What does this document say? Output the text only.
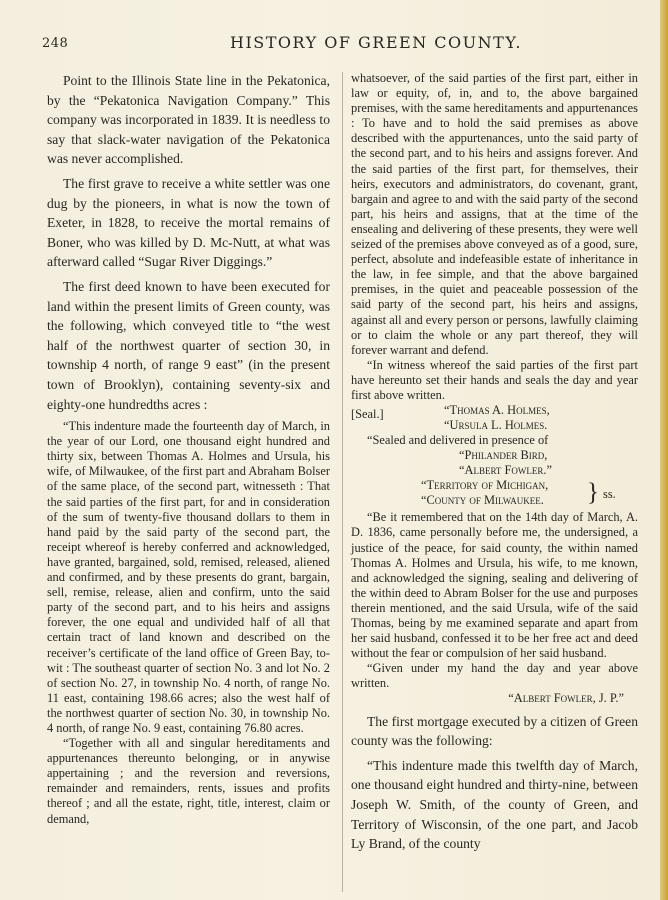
248	HISTORY OF GREEN COUNTY.

Point to the Illinois State line in the Pekatonica, by the “Pekatonica Navigation Company.” This company was incorporated in 1839. It is needless to say that slack-water navigation of the Pekatonica was never accomplished.

The first grave to receive a white settler was one dug by the pioneers, in what is now the town of Exeter, in 1828, to receive the mortal remains of Boner, who was killed by D. Mc-Nutt, at what was afterward called “Sugar River Diggings.”

The first deed known to have been executed for land within the present limits of Green county, was the following, which conveyed title to “the west half of the northwest quarter of section 30, in township 4 north, of range 9 east” (in the present town of Brooklyn), containing seventy-six and eighty-one hundredths acres :

“This indenture made the fourteenth day of March, in the year of our Lord, one thousand eight hundred and thirty six, between Thomas A. Holmes and Ursula, his wife, of Milwaukee, of the first part and Abraham Bolser of the same place, of the second part, witnesseth : That the said parties of the first part, for and in consideration of the sum of twenty-five thousand dollars to them in hand paid by the said party of the second part, the receipt whereof is hereby conferred and acknowledged, have granted, bargained, sold, remised, released, aliened and confirmed, and by these presents do grant, bargain, sell, remise, release, alien and confirm, unto the said party of the second part, and to his heirs and assigns forever, the one equal and undivided half of all that certain tract of land known and described on the receiver’s certificate of the land office of Green Bay, to-wit : The southeast quarter of section No. 3 and lot No. 2 of section No. 27, in township No. 4 north, of range No. 11 east, containing 198.66 acres; also the west half of the northwest quarter of section No. 30, in township No. 4 north, of range No. 9 east, containing 76.80 acres.

“Together with all and singular hereditaments and appurtenances thereunto belonging, or in anywise appertaining ; and the reversion and reversions, remainder and remainders, rents, issues and profits thereof ; and all the estate, right, title, interest, claim or demand,

whatsoever, of the said parties of the first part, either in law or equity, of, in, and to, the above bargained premises, with the same hereditaments and appurtenances : To have and to hold the said premises as above described with the appurtenances, unto the said party of the second part, and to his heirs and assigns forever. And the said parties of the first part, for themselves, their heirs, executors and administrators, do covenant, grant, bargain and agree to and with the said party of the second part, his heirs and assigns, that at the time of the ensealing and delivering of these presents, they were well seized of the premises above conveyed as of a good, sure, perfect, absolute and indefeasible estate of inheritance in the law, in fee simple, and that the above bargained premises, in the quiet and peaceable possession of the said party of the second part, his heirs and assigns, against all and every person or persons, lawfully claiming or to claim the whole or any part thereof, they will forever warrant and defend.

“In witness whereof the said parties of the first part have hereunto set their hands and seals the day and year first above written.

[Seal.]	“Thomas A. Holmes,
“Ursula L. Holmes.

“Sealed and delivered in presence of

“Philander Bird,

“Albert Fowler.”

“Territory of Michigan,
“County of Milwaukee. } ss.

“Be it remembered that on the 14th day of March, A. D. 1836, came personally before me, the undersigned, a justice of the peace, for said county, the within named Thomas A. Holmes and Ursula, his wife, to me known, and acknowledged the signing, sealing and delivering of the within deed to Abram Bolser for the use and purposes therein mentioned, and the said Ursula, wife of the said Thomas, being by me examined separate and apart from her said husband, confessed it to be her free act and deed without the fear or compulsion of her said husband.

“Given under my hand the day and year above written.

“Albert Fowler, J. P.”

The first mortgage executed by a citizen of Green county was the following:

“This indenture made this twelfth day of March, one thousand eight hundred and thirty-nine, between Joseph W. Smith, of the county of Green, and Territory of Wisconsin, of the one part, and Jacob Ly Brand, of the county
